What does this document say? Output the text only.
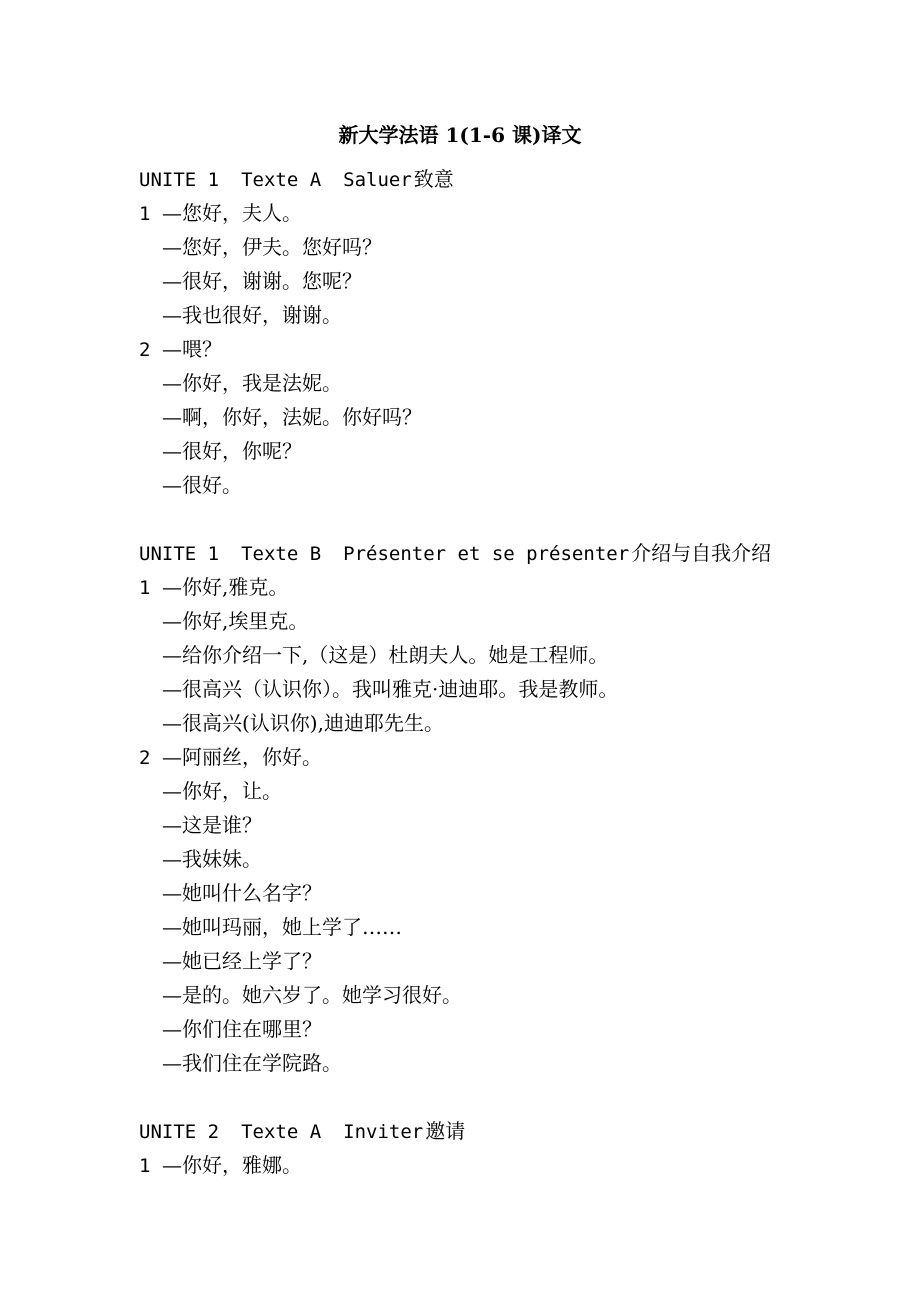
新大学法语 1(1-6 课)译文
UNITE 1 Texte A Saluer 致意
1 —您好，夫人。
—您好，伊夫。您好吗？
—很好，谢谢。您呢？
—我也很好，谢谢。
2 —喂？
—你好，我是法妮。
—啊，你好，法妮。你好吗？
—很好，你呢？
—很好。
UNITE 1 Texte B Présenter et se présenter 介绍与自我介绍
1 —你好,雅克。
—你好,埃里克。
—给你介绍一下,（这是）杜朗夫人。她是工程师。
—很高兴（认识你）。我叫雅克·迪迪耶。我是教师。
—很高兴(认识你),迪迪耶先生。
2 —阿丽丝，你好。
—你好，让。
—这是谁？
—我妹妹。
—她叫什么名字？
—她叫玛丽，她上学了……
—她已经上学了？
—是的。她六岁了。她学习很好。
—你们住在哪里？
—我们住在学院路。
UNITE 2 Texte A Inviter 邀请
1 —你好，雅娜。
